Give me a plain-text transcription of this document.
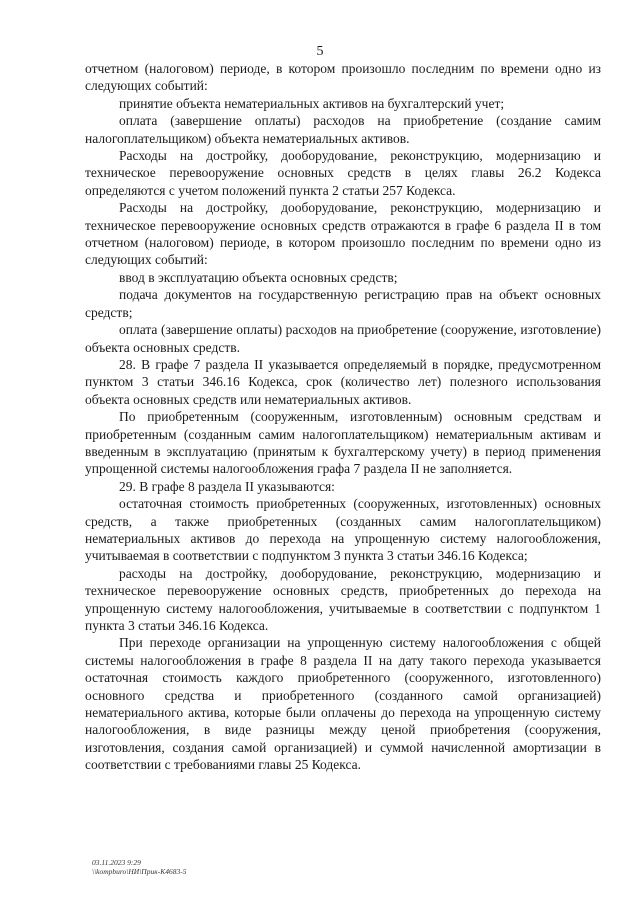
5

отчетном (налоговом) периоде, в котором произошло последним по времени одно из следующих событий:

принятие объекта нематериальных активов на бухгалтерский учет;

оплата (завершение оплаты) расходов на приобретение (создание самим налогоплательщиком) объекта нематериальных активов.

Расходы на достройку, дооборудование, реконструкцию, модернизацию и техническое перевооружение основных средств в целях главы 26.2 Кодекса определяются с учетом положений пункта 2 статьи 257 Кодекса.

Расходы на достройку, дооборудование, реконструкцию, модернизацию и техническое перевооружение основных средств отражаются в графе 6 раздела II в том отчетном (налоговом) периоде, в котором произошло последним по времени одно из следующих событий:

ввод в эксплуатацию объекта основных средств;

подача документов на государственную регистрацию прав на объект основных средств;

оплата (завершение оплаты) расходов на приобретение (сооружение, изготовление) объекта основных средств.

28. В графе 7 раздела II указывается определяемый в порядке, предусмотренном пунктом 3 статьи 346.16 Кодекса, срок (количество лет) полезного использования объекта основных средств или нематериальных активов.

По приобретенным (сооруженным, изготовленным) основным средствам и приобретенным (созданным самим налогоплательщиком) нематериальным активам и введенным в эксплуатацию (принятым к бухгалтерскому учету) в период применения упрощенной системы налогообложения графа 7 раздела II не заполняется.

29. В графе 8 раздела II указываются:

остаточная стоимость приобретенных (сооруженных, изготовленных) основных средств, а также приобретенных (созданных самим налогоплательщиком) нематериальных активов до перехода на упрощенную систему налогообложения, учитываемая в соответствии с подпунктом 3 пункта 3 статьи 346.16 Кодекса;

расходы на достройку, дооборудование, реконструкцию, модернизацию и техническое перевооружение основных средств, приобретенных до перехода на упрощенную систему налогообложения, учитываемые в соответствии с подпунктом 1 пункта 3 статьи 346.16 Кодекса.

При переходе организации на упрощенную систему налогообложения с общей системы налогообложения в графе 8 раздела II на дату такого перехода указывается остаточная стоимость каждого приобретенного (сооруженного, изготовленного) основного средства и приобретенного (созданного самой организацией) нематериального актива, которые были оплачены до перехода на упрощенную систему налогообложения, в виде разницы между ценой приобретения (сооружения, изготовления, создания самой организацией) и суммой начисленной амортизации в соответствии с требованиями главы 25 Кодекса.

03.11.2023 9:29
\\kompburo\НИ\Прик-К4683-5
